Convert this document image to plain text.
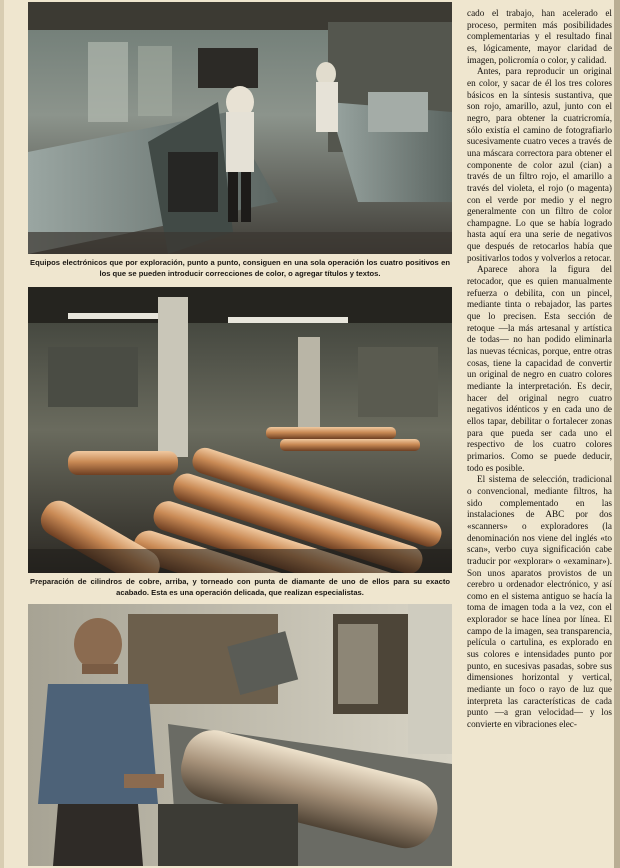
Equipos electrónicos que por exploración, punto a punto, consiguen en una sola operación los cuatro positivos en los que se pueden introducir correcciones de color, o agregar títulos y textos.

Preparación de cilindros de cobre, arriba, y torneado con punta de diamante de uno de ellos para su exacto acabado. Esta es una operación delicada, que realizan especialistas.

cado el trabajo, han acelerado el proceso, permiten más posibilidades complementarias y el resultado final es, lógicamente, mayor claridad de imagen, policromía o color, y calidad.

Antes, para reproducir un original en color, y sacar de él los tres colores básicos en la síntesis sustantiva, que son rojo, amarillo, azul, junto con el negro, para obtener la cuatricromía, sólo existía el camino de fotografiarlo sucesivamente cuatro veces a través de una máscara correctora para obtener el componente de color azul (cian) a través de un filtro rojo, el amarillo a través del violeta, el rojo (o magenta) con el verde por medio y el negro generalmente con un filtro de color champagne. Lo que se había logrado hasta aquí era una serie de negativos que después de retocarlos había que positivarlos todos y volverlos a retocar.

Aparece ahora la figura del retocador, que es quien manualmente refuerza o debilita, con un pincel, mediante tinta o rebajador, las partes que lo precisen. Esta sección de retoque —la más artesanal y artística de todas— no han podido eliminarla las nuevas técnicas, porque, entre otras cosas, tiene la capacidad de convertir un original de negro en cuatro colores mediante la interpretación. Es decir, hacer del original negro cuatro negativos idénticos y en cada uno de ellos tapar, debilitar o fortalecer zonas para que pueda ser cada uno el respectivo de los cuatro colores primarios. Como se puede deducir, todo es posible.

El sistema de selección, tradicional o convencional, mediante filtros, ha sido complementado en las instalaciones de ABC por dos «scanners» o exploradores (la denominación nos viene del inglés «to scan», verbo cuya significación cabe traducir por «explorar» o «examinar»). Son unos aparatos provistos de un cerebro u ordenador electrónico, y así como en el sistema antiguo se hacía la toma de imagen toda a la vez, con el explorador se hace línea por línea. El campo de la imagen, sea transparencia, película o cartulina, es explorado en sus colores e intensidades punto por punto, en sucesivas pasadas, sobre sus dimensiones horizontal y vertical, mediante un foco o rayo de luz que interpreta las características de cada punto —a gran velocidad— y los convierte en vibraciones elec-
